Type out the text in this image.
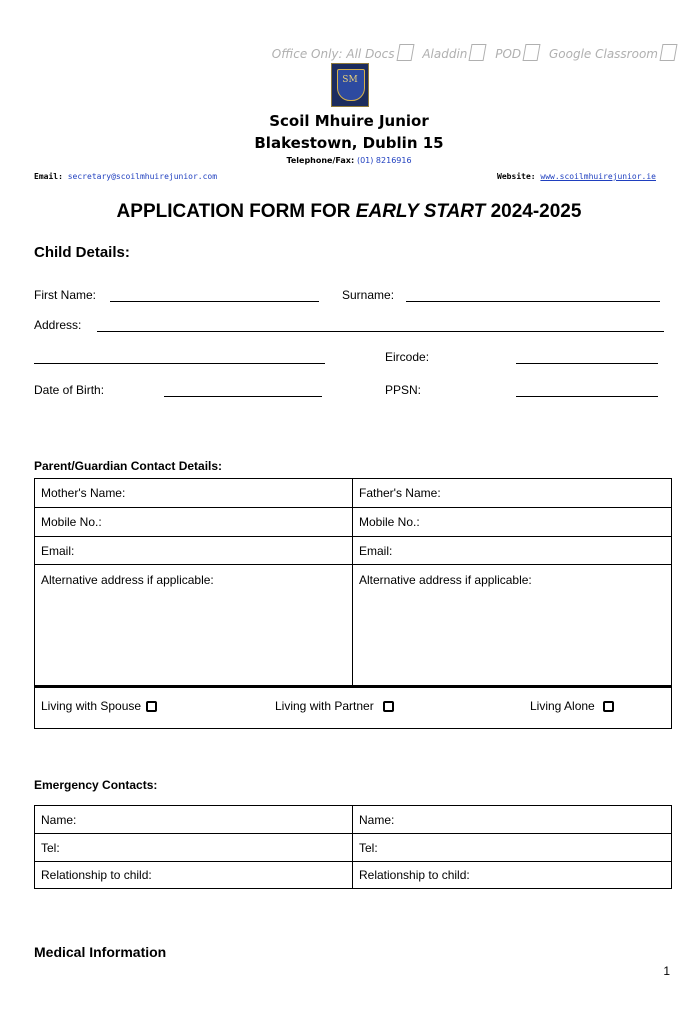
Office Only: All Docs Aladdin POD Google Classroom
SM
Scoil Mhuire Junior
Blakestown, Dublin 15
Telephone/Fax: (01) 8216916
Email: secretary@scoilmhuirejunior.com	Website: www.scoilmhuirejunior.ie
APPLICATION FORM FOR EARLY START 2024-2025
Child Details:
First Name:	Surname:
Address:
Eircode:
Date of Birth:	PPSN:
Parent/Guardian Contact Details:
Mother's Name:	Father's Name:
Mobile No.:	Mobile No.:
Email:	Email:
Alternative address if applicable:	Alternative address if applicable:
Living with Spouse	Living with Partner	Living Alone
Emergency Contacts:
Name:	Name:
Tel:	Tel:
Relationship to child:	Relationship to child:
Medical Information
1
